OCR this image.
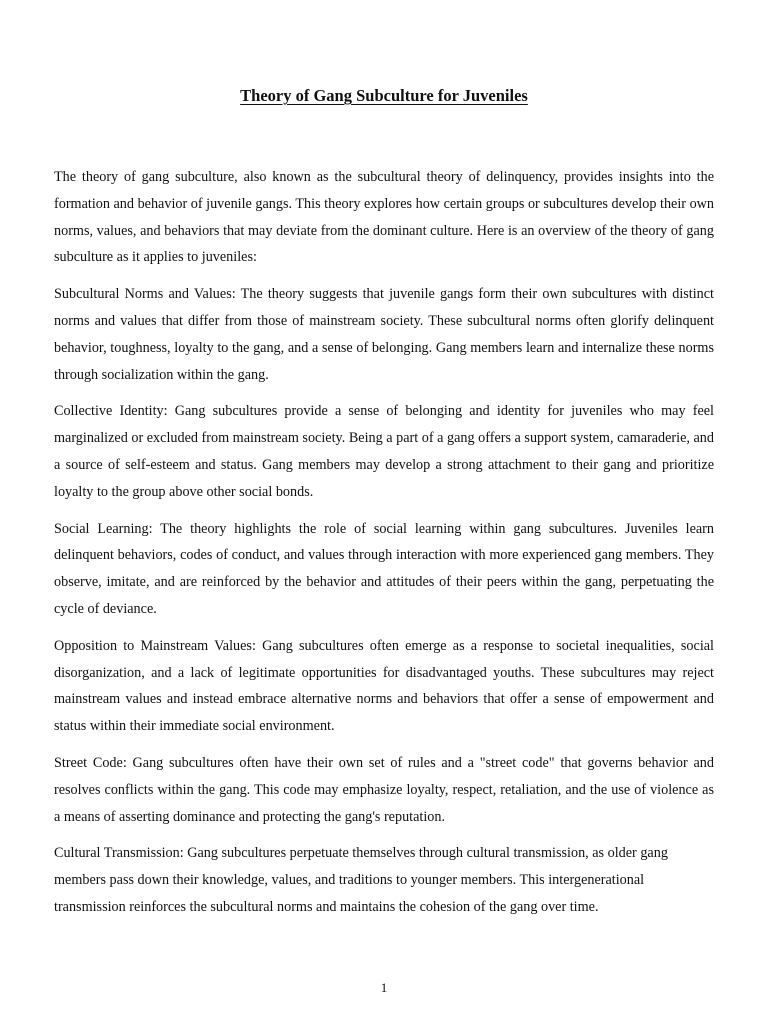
Theory of Gang Subculture for Juveniles

The theory of gang subculture, also known as the subcultural theory of delinquency, provides insights into the formation and behavior of juvenile gangs. This theory explores how certain groups or subcultures develop their own norms, values, and behaviors that may deviate from the dominant culture. Here is an overview of the theory of gang subculture as it applies to juveniles:

Subcultural Norms and Values: The theory suggests that juvenile gangs form their own subcultures with distinct norms and values that differ from those of mainstream society. These subcultural norms often glorify delinquent behavior, toughness, loyalty to the gang, and a sense of belonging. Gang members learn and internalize these norms through socialization within the gang.

Collective Identity: Gang subcultures provide a sense of belonging and identity for juveniles who may feel marginalized or excluded from mainstream society. Being a part of a gang offers a support system, camaraderie, and a source of self-esteem and status. Gang members may develop a strong attachment to their gang and prioritize loyalty to the group above other social bonds.

Social Learning: The theory highlights the role of social learning within gang subcultures. Juveniles learn delinquent behaviors, codes of conduct, and values through interaction with more experienced gang members. They observe, imitate, and are reinforced by the behavior and attitudes of their peers within the gang, perpetuating the cycle of deviance.

Opposition to Mainstream Values: Gang subcultures often emerge as a response to societal inequalities, social disorganization, and a lack of legitimate opportunities for disadvantaged youths. These subcultures may reject mainstream values and instead embrace alternative norms and behaviors that offer a sense of empowerment and status within their immediate social environment.

Street Code: Gang subcultures often have their own set of rules and a "street code" that governs behavior and resolves conflicts within the gang. This code may emphasize loyalty, respect, retaliation, and the use of violence as a means of asserting dominance and protecting the gang's reputation.

Cultural Transmission: Gang subcultures perpetuate themselves through cultural transmission, as older gang members pass down their knowledge, values, and traditions to younger members. This intergenerational transmission reinforces the subcultural norms and maintains the cohesion of the gang over time.

1
